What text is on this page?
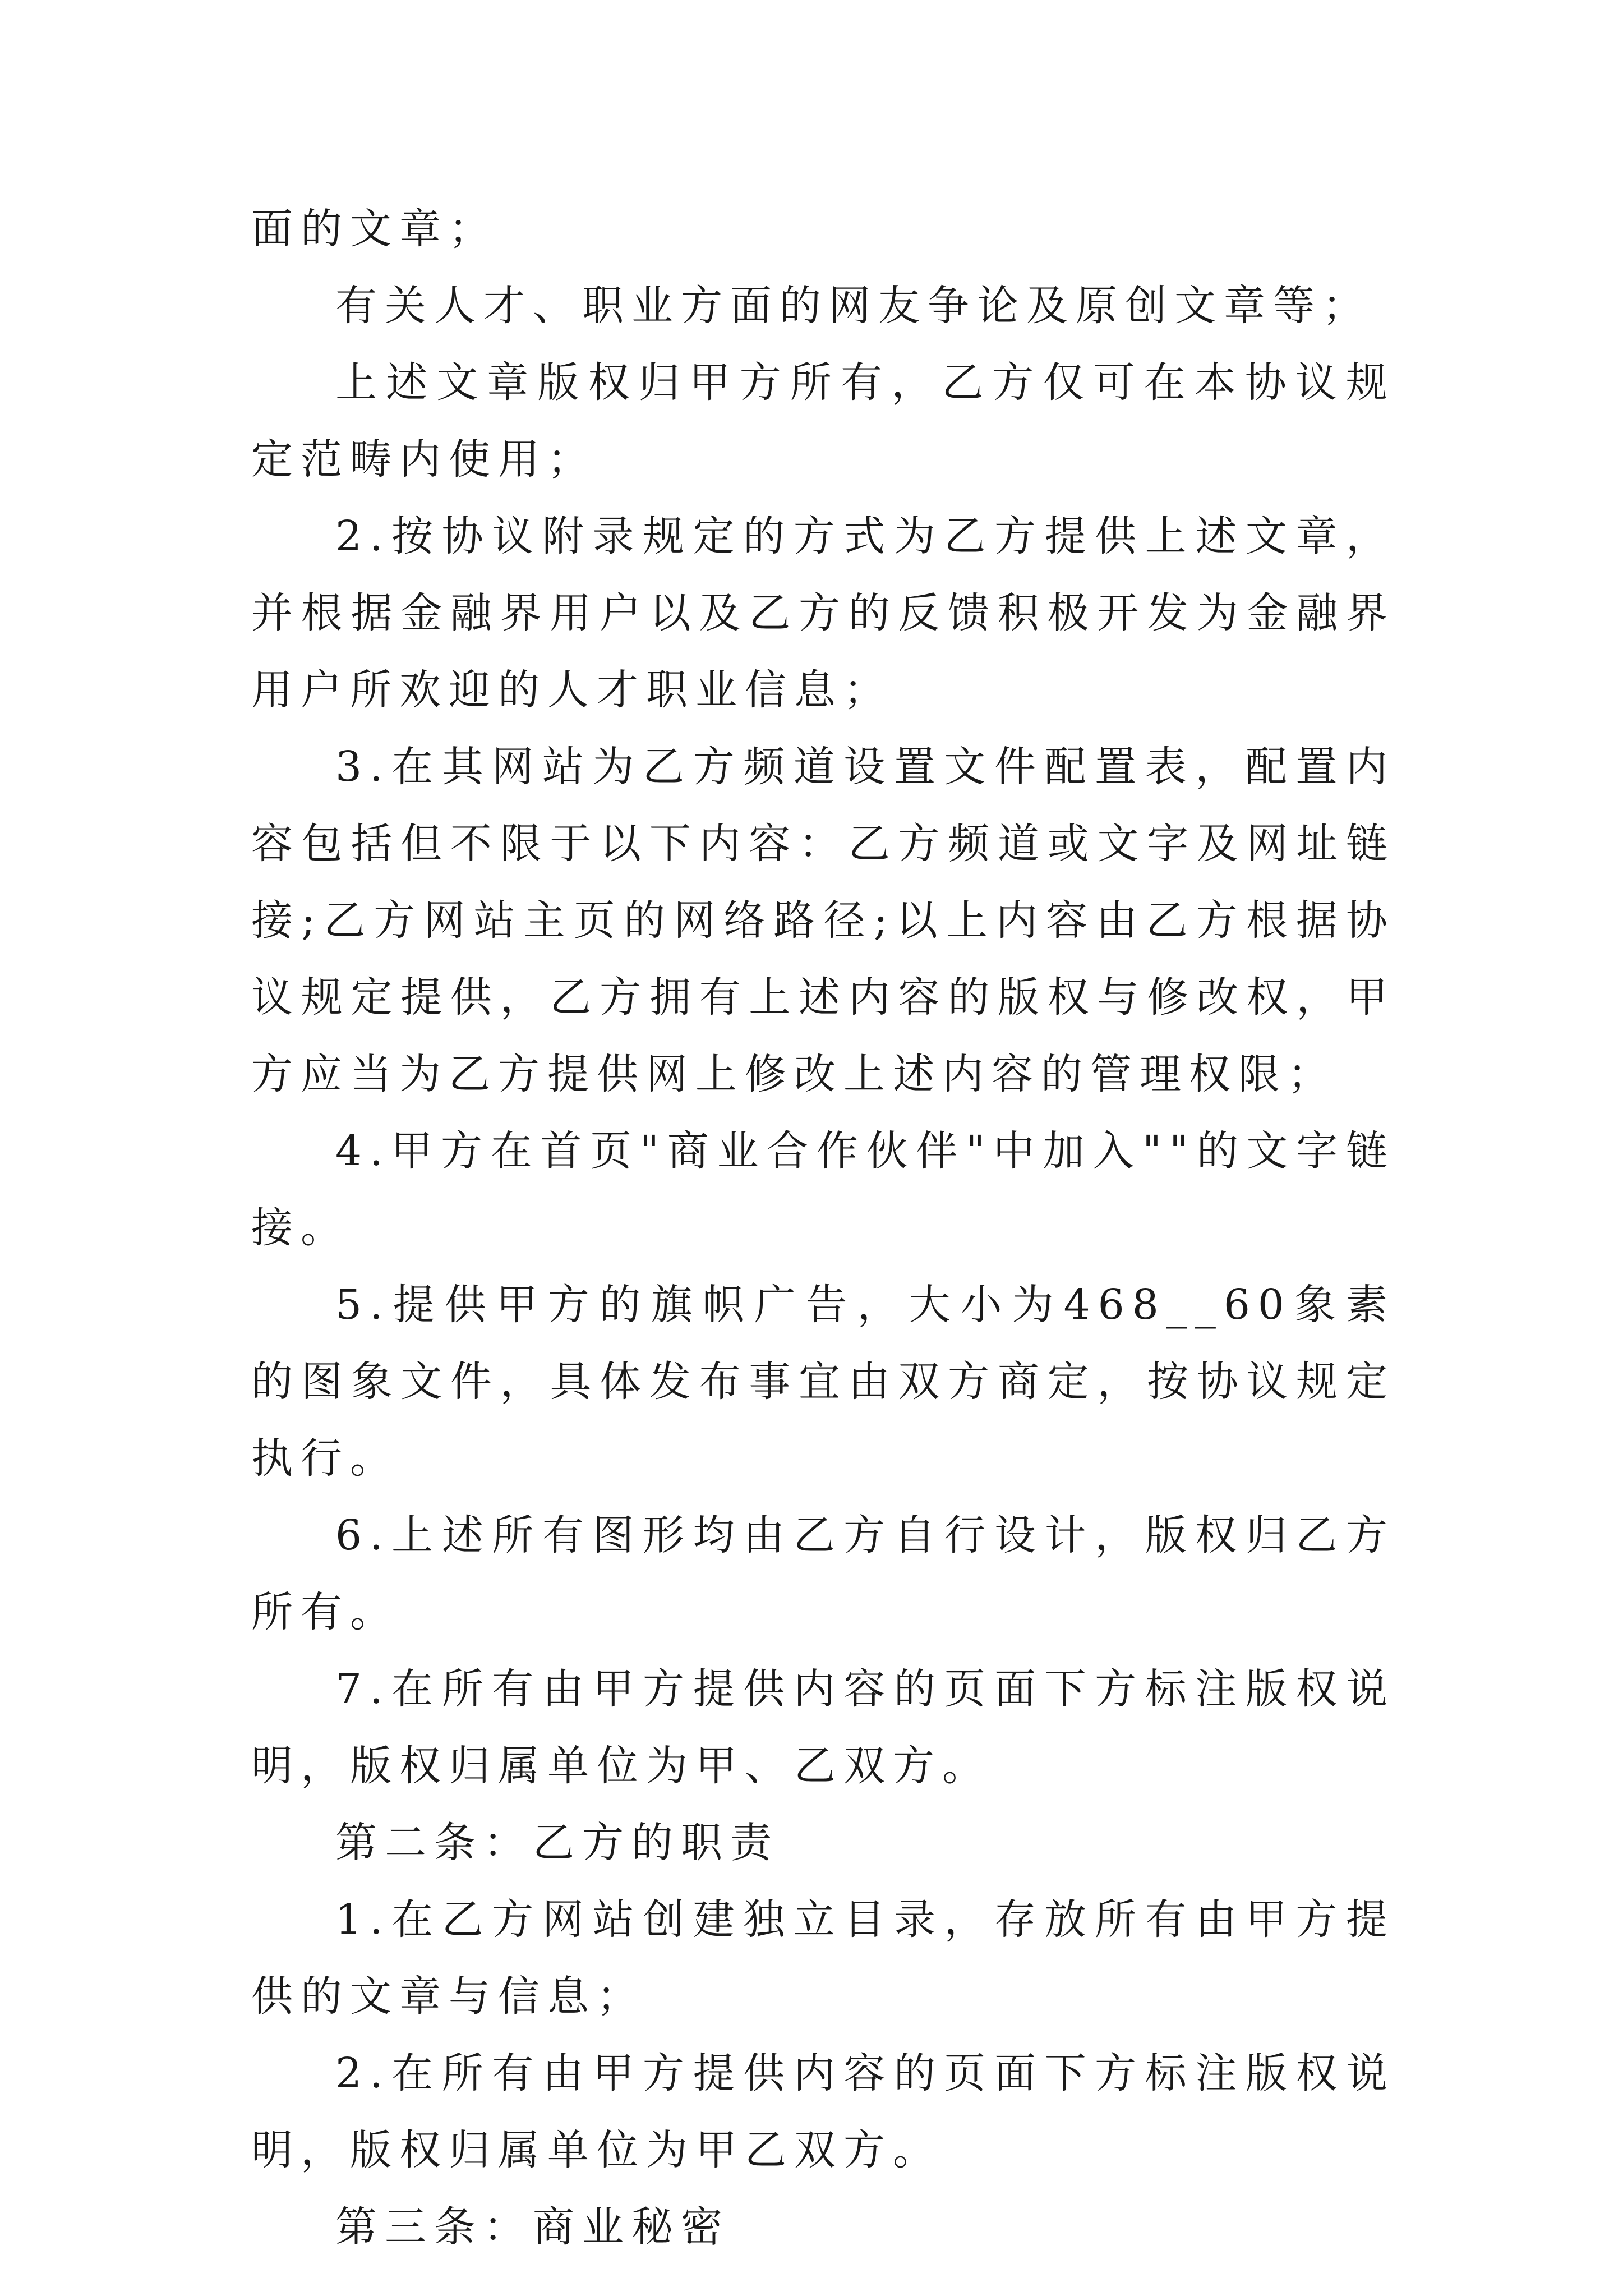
面的文章；

有关人才、职业方面的网友争论及原创文章等；

上述文章版权归甲方所有，乙方仅可在本协议规定范畴内使用；

2.按协议附录规定的方式为乙方提供上述文章，并根据金融界用户以及乙方的反馈积极开发为金融界用户所欢迎的人才职业信息；

3.在其网站为乙方频道设置文件配置表，配置内容包括但不限于以下内容：乙方频道或文字及网址链接;乙方网站主页的网络路径;以上内容由乙方根据协议规定提供，乙方拥有上述内容的版权与修改权，甲方应当为乙方提供网上修改上述内容的管理权限；

4.甲方在首页"商业合作伙伴"中加入""的文字链接。

5.提供甲方的旗帜广告，大小为468__60象素的图象文件，具体发布事宜由双方商定，按协议规定执行。

6.上述所有图形均由乙方自行设计，版权归乙方所有。

7.在所有由甲方提供内容的页面下方标注版权说明，版权归属单位为甲、乙双方。

第二条：乙方的职责

1.在乙方网站创建独立目录，存放所有由甲方提供的文章与信息；

2.在所有由甲方提供内容的页面下方标注版权说明，版权归属单位为甲乙双方。

第三条：商业秘密
